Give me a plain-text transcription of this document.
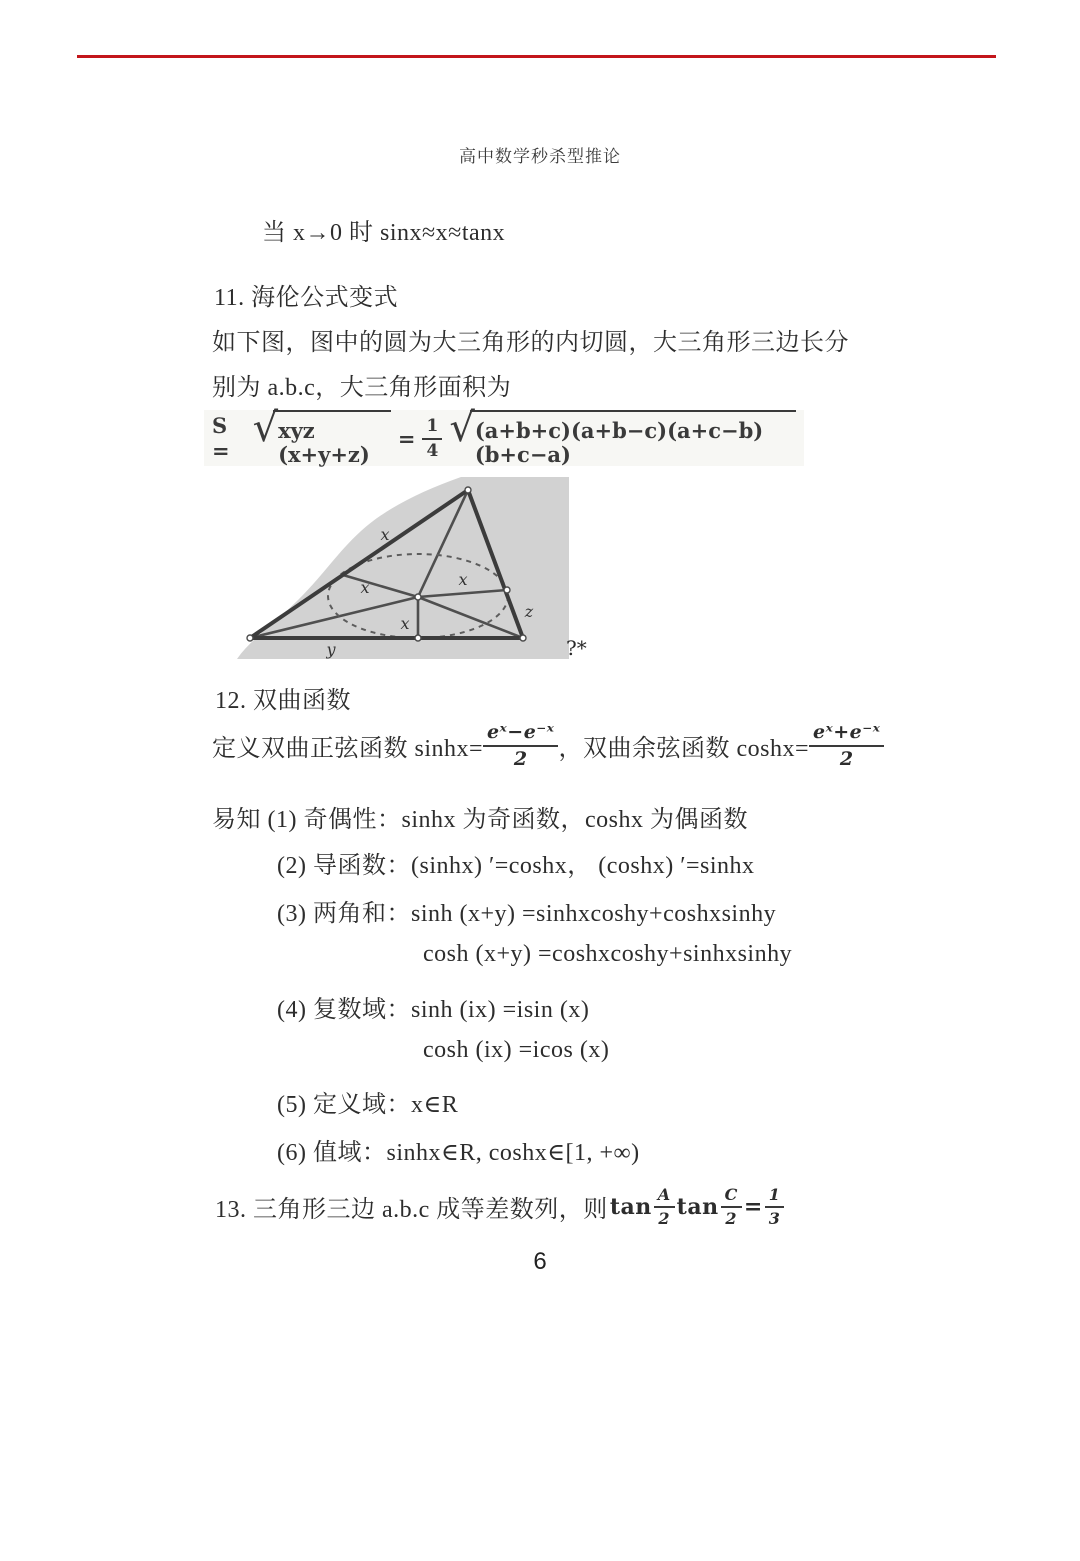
高中数学秒杀型推论
当 x→0 时 sinx≈x≈tanx
11. 海伦公式变式
如下图，图中的圆为大三角形的内切圆，大三角形三边长分
别为 a.b.c，大三角形面积为
S = √ xyz (x+y+z)
= $\frac{1}{4}$ √ (a+b+c)(a+b−c)(a+c−b)(b+c−a)
x
x	x
x
y
z
?*
12. 双曲函数
定义双曲正弦函数 $\sinh x= \frac{\text{eˣ−e⁻ˣ}}{2}$ ，双曲余弦函数 $\cosh x= \frac{\text{eˣ+e⁻ˣ}}{2}$
易知 (1) 奇偶性：sinhx 为奇函数，coshx 为偶函数
(2) 导函数：(sinhx) ′=coshx， (coshx) ′=sinhx
(3) 两角和：sinh (x+y) =sinhxcoshy+coshxsinhy
cosh (x+y) =coshxcoshy+sinhxsinhy
(4) 复数域：sinh (ix) =isin (x)
cosh (ix) =icos (x)
(5) 定义域：x∈R
(6) 值域：sinhx∈R, coshx∈[1, +∞)
13. 三角形三边 a.b.c 成等差数列，则 $\tan \frac{A}{2}$ $\tan \frac{C}{2} = \frac{1}{3}$
6
